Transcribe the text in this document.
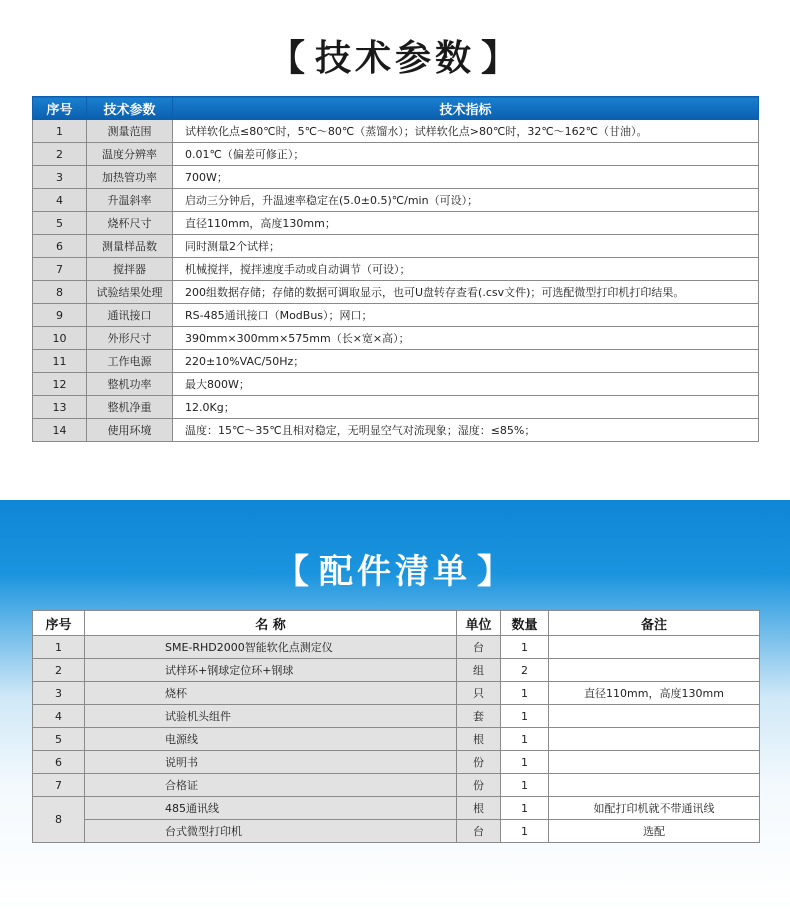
【 技术参数 】
序号	技术参数	技术指标
1	测量范围	试样软化点≤80℃时，5℃～80℃（蒸馏水）；试样软化点>80℃时，32℃～162℃（甘油）。
2	温度分辨率	0.01℃（偏差可修正）；
3	加热管功率	700W；
4	升温斜率	启动三分钟后，升温速率稳定在(5.0±0.5)℃/min（可设）；
5	烧杯尺寸	直径110mm，高度130mm；
6	测量样品数	同时测量2个试样；
7	搅拌器	机械搅拌，搅拌速度手动或自动调节（可设）；
8	试验结果处理	200组数据存储；存储的数据可调取显示，也可U盘转存查看(.csv文件)；可选配微型打印机打印结果。
9	通讯接口	RS-485通讯接口（ModBus）；网口；
10	外形尺寸	390mm×300mm×575mm（长×宽×高）；
11	工作电源	220±10%VAC/50Hz；
12	整机功率	最大800W；
13	整机净重	12.0Kg；
14	使用环境	温度：15℃～35℃且相对稳定，无明显空气对流现象；湿度：≤85%；
【 配件清单 】
序号	名 称	单位	数量	备注
1	SME-RHD2000智能软化点测定仪	台	1	
2	试样环+钢球定位环+钢球	组	2	
3	烧杯	只	1	直径110mm，高度130mm
4	试验机头组件	套	1	
5	电源线	根	1	
6	说明书	份	1	
7	合格证	份	1	
8	485通讯线	根	1	如配打印机就不带通讯线
	台式微型打印机	台	1	选配
